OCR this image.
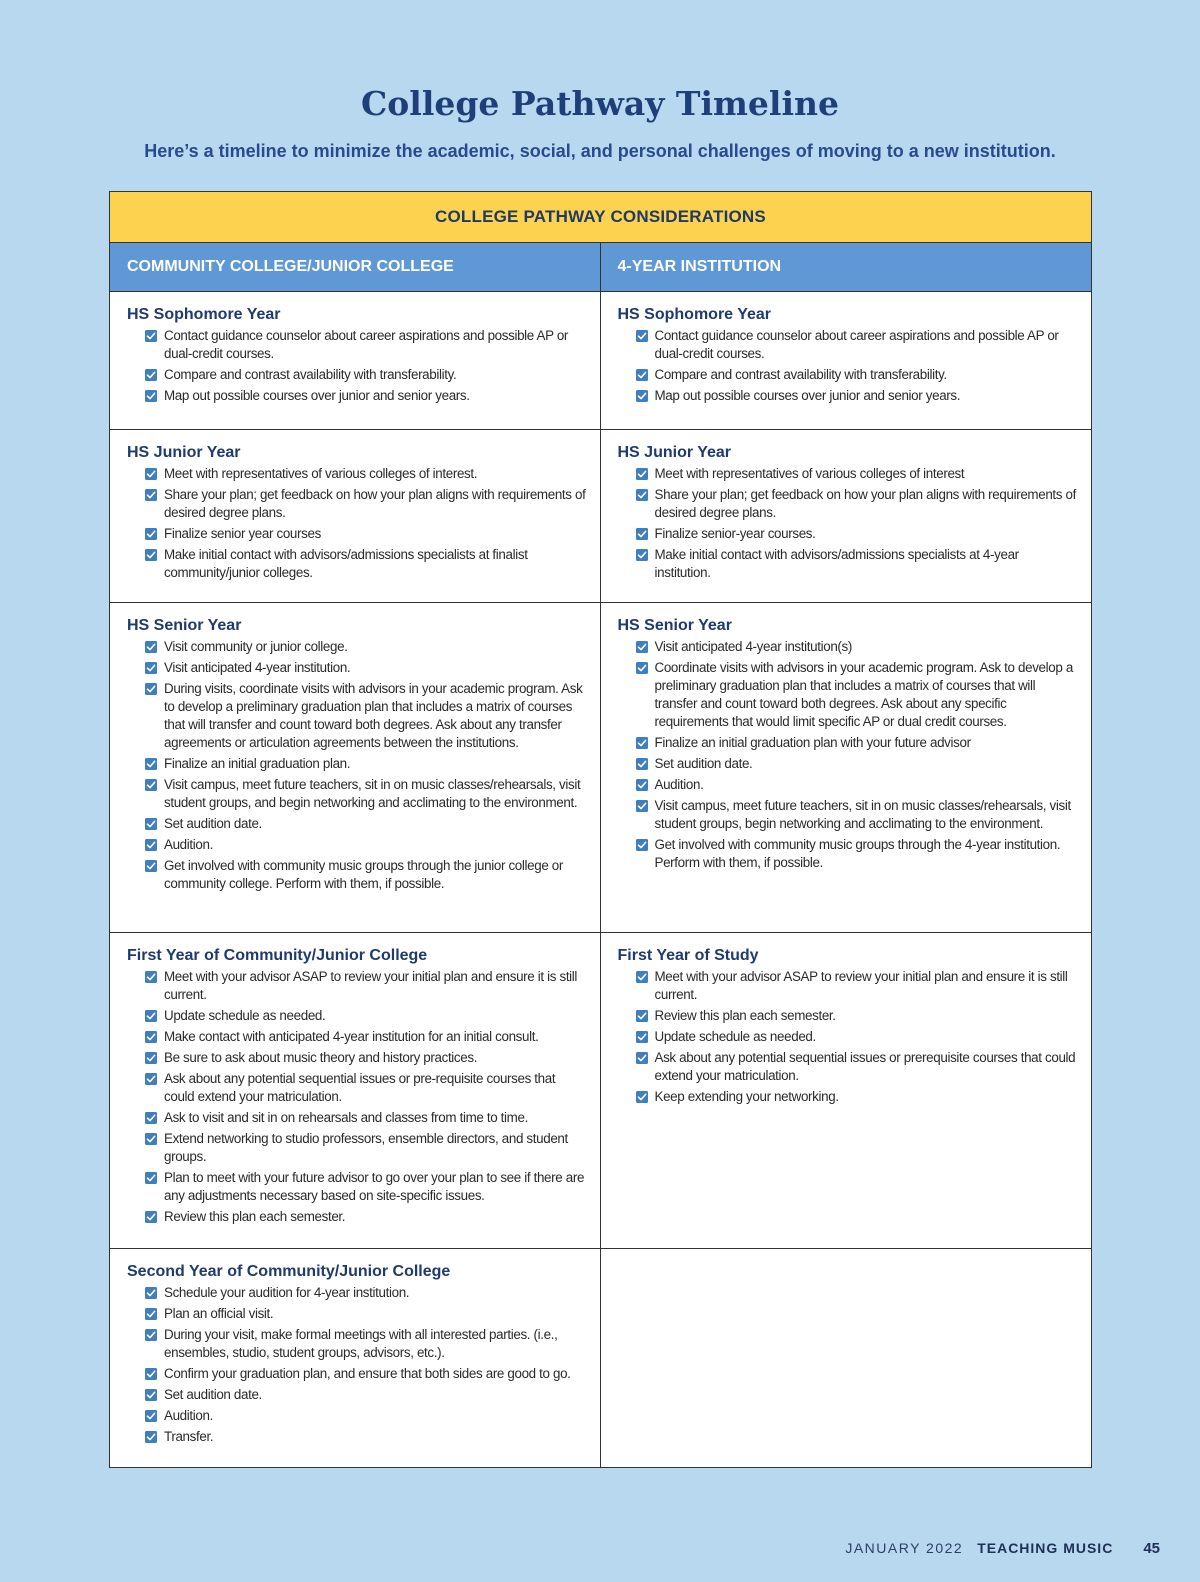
College Pathway Timeline

Here’s a timeline to minimize the academic, social, and personal challenges of moving to a new institution.

COLLEGE PATHWAY CONSIDERATIONS
COMMUNITY COLLEGE/JUNIOR COLLEGE	4-YEAR INSTITUTION
HS Sophomore Year
Contact guidance counselor about career aspirations and possible AP or dual-credit courses.
Compare and contrast availability with transferability.
Map out possible courses over junior and senior years.
HS Sophomore Year
Contact guidance counselor about career aspirations and possible AP or dual-credit courses.
Compare and contrast availability with transferability.
Map out possible courses over junior and senior years.
HS Junior Year
Meet with representatives of various colleges of interest.
Share your plan; get feedback on how your plan aligns with requirements of desired degree plans.
Finalize senior year courses
Make initial contact with advisors/admissions specialists at finalist community/junior colleges.
HS Junior Year
Meet with representatives of various colleges of interest
Share your plan; get feedback on how your plan aligns with requirements of desired degree plans.
Finalize senior-year courses.
Make initial contact with advisors/admissions specialists at 4-year institution.
HS Senior Year
Visit community or junior college.
Visit anticipated 4-year institution.
During visits, coordinate visits with advisors in your academic program. Ask to develop a preliminary graduation plan that includes a matrix of courses that will transfer and count toward both degrees. Ask about any transfer agreements or articulation agreements between the institutions.
Finalize an initial graduation plan.
Visit campus, meet future teachers, sit in on music classes/rehearsals, visit student groups, and begin networking and acclimating to the environment.
Set audition date.
Audition.
Get involved with community music groups through the junior college or community college. Perform with them, if possible.
HS Senior Year
Visit anticipated 4-year institution(s)
Coordinate visits with advisors in your academic program. Ask to develop a preliminary graduation plan that includes a matrix of courses that will transfer and count toward both degrees. Ask about any specific requirements that would limit specific AP or dual credit courses.
Finalize an initial graduation plan with your future advisor
Set audition date.
Audition.
Visit campus, meet future teachers, sit in on music classes/rehearsals, visit student groups, begin networking and acclimating to the environment.
Get involved with community music groups through the 4-year institution. Perform with them, if possible.
First Year of Community/Junior College
Meet with your advisor ASAP to review your initial plan and ensure it is still current.
Update schedule as needed.
Make contact with anticipated 4-year institution for an initial consult.
Be sure to ask about music theory and history practices.
Ask about any potential sequential issues or pre-requisite courses that could extend your matriculation.
Ask to visit and sit in on rehearsals and classes from time to time.
Extend networking to studio professors, ensemble directors, and student groups.
Plan to meet with your future advisor to go over your plan to see if there are any adjustments necessary based on site-specific issues.
Review this plan each semester.
First Year of Study
Meet with your advisor ASAP to review your initial plan and ensure it is still current.
Review this plan each semester.
Update schedule as needed.
Ask about any potential sequential issues or prerequisite courses that could extend your matriculation.
Keep extending your networking.
Second Year of Community/Junior College
Schedule your audition for 4-year institution.
Plan an official visit.
During your visit, make formal meetings with all interested parties. (i.e., ensembles, studio, student groups, advisors, etc.).
Confirm your graduation plan, and ensure that both sides are good to go.
Set audition date.
Audition.
Transfer.
JANUARY 2022 TEACHING MUSIC 45
